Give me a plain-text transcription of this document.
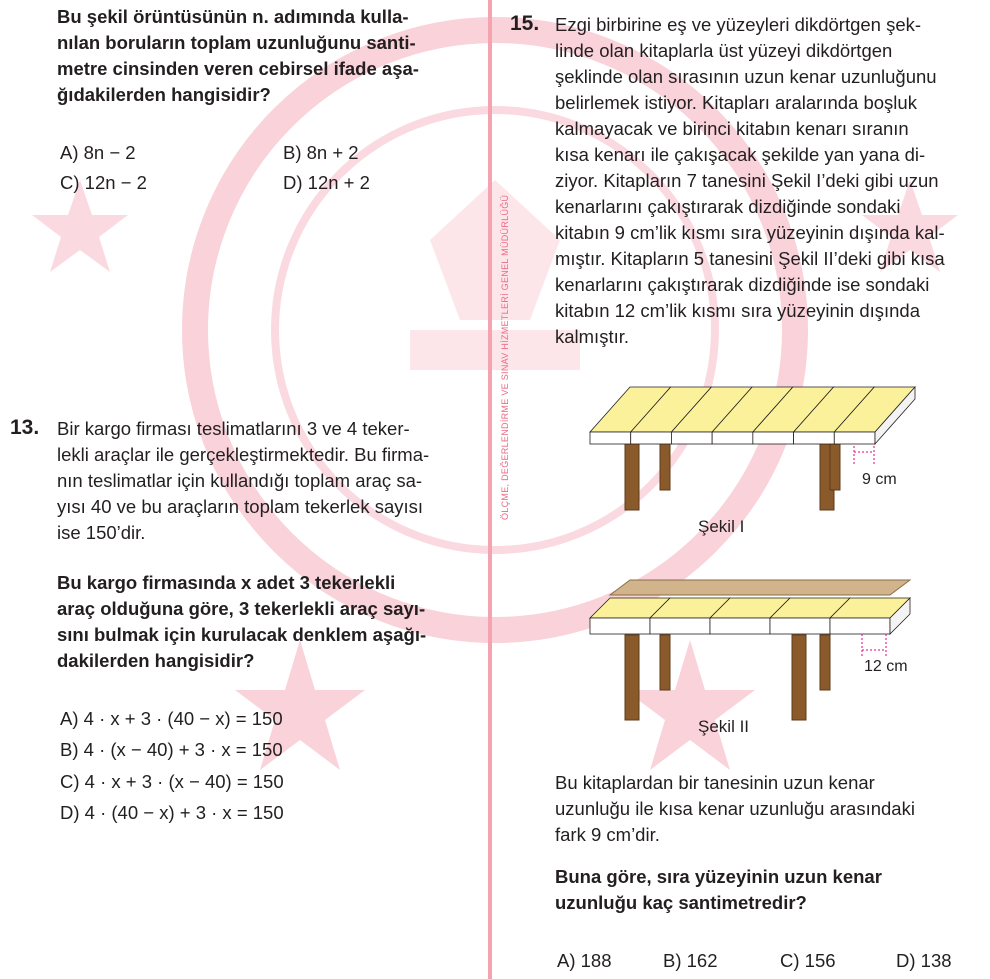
ÖLÇME, DEĞERLENDİRME VE SINAV HİZMETLERİ GENEL MÜDÜRLÜĞÜ

Bu şekil örüntüsünün n. adımında kulla-
nılan boruların toplam uzunluğunu santi-
metre cinsinden veren cebirsel ifade aşa-
ğıdakilerden hangisidir?

A) 8n − 2	B) 8n + 2
C) 12n − 2	D) 12n + 2
13. Bir kargo firması teslimatlarını 3 ve 4 teker-
lekli araçlar ile gerçekleştirmektedir. Bu firma-
nın teslimatlar için kullandığı toplam araç sa-
yısı 40 ve bu araçların toplam tekerlek sayısı
ise 150’dir.

Bu kargo firmasında x adet 3 tekerlekli
araç olduğuna göre, 3 tekerlekli araç sayı-
sını bulmak için kurulacak denklem aşağı-
dakilerden hangisidir?

A) 4 · x + 3 · (40 − x) = 150
B) 4 · (x − 40) + 3 · x = 150
C) 4 · x + 3 · (x − 40) = 150
D) 4 · (40 − x) + 3 · x = 150
15. Ezgi birbirine eş ve yüzeyleri dikdörtgen şek-
linde olan kitaplarla üst yüzeyi dikdörtgen
şeklinde olan sırasının uzun kenar uzunluğunu
belirlemek istiyor. Kitapları aralarında boşluk
kalmayacak ve birinci kitabın kenarı sıranın
kısa kenarı ile çakışacak şekilde yan yana di-
ziyor. Kitapların 7 tanesini Şekil I’deki gibi uzun
kenarlarını çakıştırarak dizdiğinde sondaki
kitabın 9 cm’lik kısmı sıra yüzeyinin dışında kal-
mıştır. Kitapların 5 tanesini Şekil II’deki gibi kısa
kenarlarını çakıştırarak dizdiğinde ise sondaki
kitabın 12 cm’lik kısmı sıra yüzeyinin dışında
kalmıştır.

9 cm
Şekil I
12 cm
Şekil II

Bu kitaplardan bir tanesinin uzun kenar
uzunluğu ile kısa kenar uzunluğu arasındaki
fark 9 cm’dir.

Buna göre, sıra yüzeyinin uzun kenar
uzunluğu kaç santimetredir?

A) 188	B) 162	C) 156	D) 138
